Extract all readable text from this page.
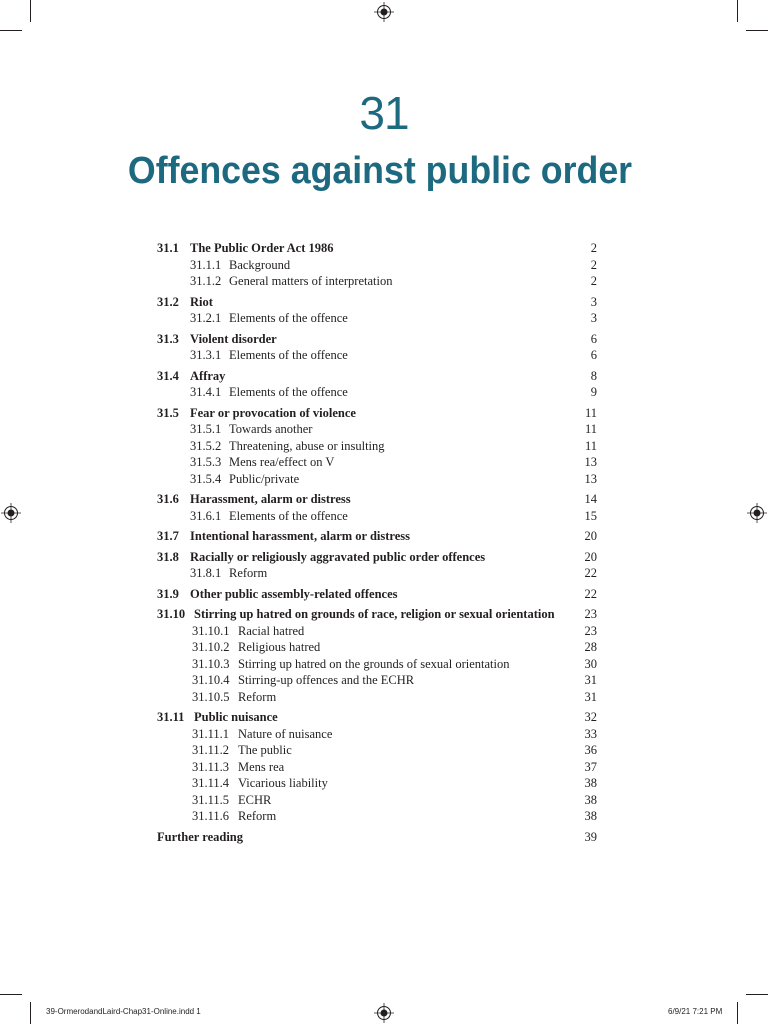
31
Offences against public order
31.1 The Public Order Act 1986	2
31.1.1 Background	2
31.1.2 General matters of interpretation	2
31.2 Riot	3
31.2.1 Elements of the offence	3
31.3 Violent disorder	6
31.3.1 Elements of the offence	6
31.4 Affray	8
31.4.1 Elements of the offence	9
31.5 Fear or provocation of violence	11
31.5.1 Towards another	11
31.5.2 Threatening, abuse or insulting	11
31.5.3 Mens rea/effect on V	13
31.5.4 Public/private	13
31.6 Harassment, alarm or distress	14
31.6.1 Elements of the offence	15
31.7 Intentional harassment, alarm or distress	20
31.8 Racially or religiously aggravated public order offences	20
31.8.1 Reform	22
31.9 Other public assembly-related offences	22
31.10 Stirring up hatred on grounds of race, religion or sexual orientation	23
31.10.1 Racial hatred	23
31.10.2 Religious hatred	28
31.10.3 Stirring up hatred on the grounds of sexual orientation	30
31.10.4 Stirring-up offences and the ECHR	31
31.10.5 Reform	31
31.11 Public nuisance	32
31.11.1 Nature of nuisance	33
31.11.2 The public	36
31.11.3 Mens rea	37
31.11.4 Vicarious liability	38
31.11.5 ECHR	38
31.11.6 Reform	38
Further reading	39
39-OrmerodandLaird-Chap31-Online.indd 1	6/9/21 7:21 PM
